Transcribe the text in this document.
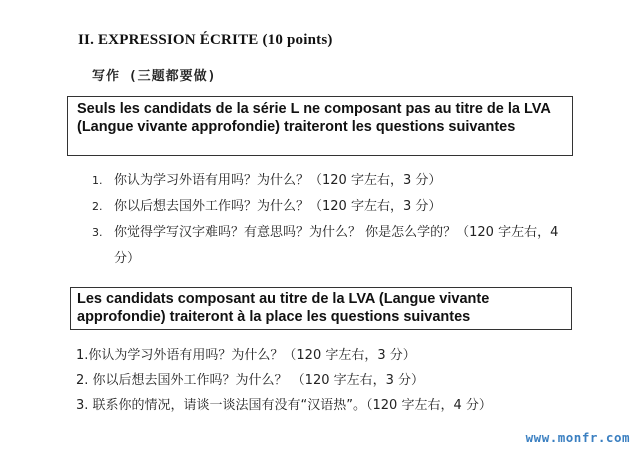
II. EXPRESSION ÉCRITE (10 points)
写作 (三题都要做)
Seuls les candidats de la série L ne composant pas au titre de la LVA (Langue vivante approfondie) traiteront les questions suivantes
1. 你认为学习外语有用吗？为什么？（120 字左右，3 分）
2. 你以后想去国外工作吗？为什么？（120 字左右，3 分）
3. 你觉得学写汉字难吗？有意思吗？为什么？ 你是怎么学的？（120 字左右，4 分）
Les candidats composant au titre de la LVA (Langue vivante approfondie) traiteront à la place les questions suivantes
1.你认为学习外语有用吗？为什么？（120 字左右，3 分）
2. 你以后想去国外工作吗？为什么？ （120 字左右，3 分）
3. 联系你的情况，请谈一谈法国有没有“汉语热”。（120 字左右，4 分）
www.monfr.com
